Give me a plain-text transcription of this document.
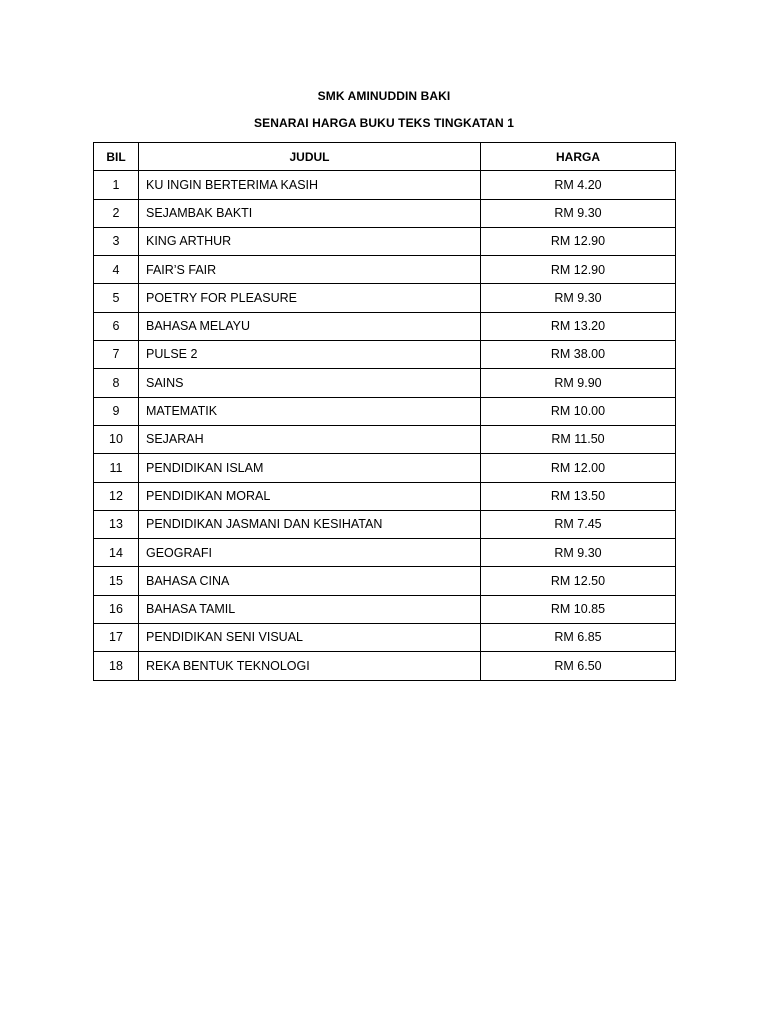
SMK AMINUDDIN BAKI
SENARAI HARGA BUKU TEKS TINGKATAN 1
BIL	JUDUL	HARGA
1	KU INGIN BERTERIMA KASIH	RM 4.20
2	SEJAMBAK BAKTI	RM 9.30
3	KING ARTHUR	RM 12.90
4	FAIR’S FAIR	RM 12.90
5	POETRY FOR PLEASURE	RM 9.30
6	BAHASA MELAYU	RM 13.20
7	PULSE 2	RM 38.00
8	SAINS	RM 9.90
9	MATEMATIK	RM 10.00
10	SEJARAH	RM 11.50
11	PENDIDIKAN ISLAM	RM 12.00
12	PENDIDIKAN MORAL	RM 13.50
13	PENDIDIKAN JASMANI DAN KESIHATAN	RM 7.45
14	GEOGRAFI	RM 9.30
15	BAHASA CINA	RM 12.50
16	BAHASA TAMIL	RM 10.85
17	PENDIDIKAN SENI VISUAL	RM 6.85
18	REKA BENTUK TEKNOLOGI	RM 6.50
